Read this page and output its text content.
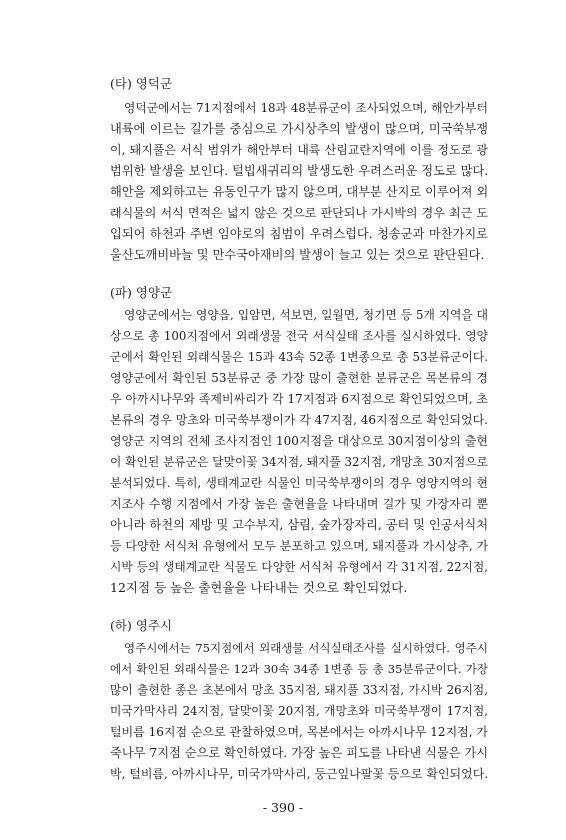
(타) 영덕군
영덕군에서는 71지점에서 18과 48분류군이 조사되었으며, 해안가부터
내륙에 이르는 길가를 중심으로 가시상추의 발생이 많으며, 미국쑥부쟁
이, 돼지풀은 서식 범위가 해안부터 내륙 산림교란지역에 이를 정도로 광
범위한 발생을 보인다. 털빕새귀리의 발생도한 우려스러운 정도로 많다.
해안을 제외하고는 유동인구가 많지 않으며, 대부분 산지로 이루어져 외
래식물의 서식 면적은 넓지 않은 것으로 판단되나 가시박의 경우 최근 도
입되어 하천과 주변 임야로의 침범이 우려스럽다. 청송군과 마찬가지로
울산도깨비바늘 및 만수국아재비의 발생이 늘고 있는 것으로 판단된다.
(파) 영양군
영양군에서는 영양읍, 입암면, 석보면, 일월면, 청기면 등 5개 지역을 대
상으로 총 100지점에서 외래생물 전국 서식실태 조사를 실시하였다. 영양
군에서 확인된 외래식물은 15과 43속 52종 1변종으로 총 53분류군이다.
영양군에서 확인된 53분류군 중 가장 많이 출현한 분류군은 목본류의 경
우 아까시나무와 족제비싸리가 각 17지점과 6지점으로 확인되었으며, 초
본류의 경우 망초와 미국쑥부쟁이가 각 47지점, 46지점으로 확인되었다.
영양군 지역의 전체 조사지점인 100지점을 대상으로 30지점이상의 출현
이 확인된 분류군은 달맞이꽃 34지점, 돼지풀 32지점, 개망초 30지점으로
분석되었다. 특히, 생태계교란 식물인 미국쑥부쟁이의 경우 영양지역의 현
지조사 수행 지점에서 가장 높은 출현율을 나타내며 길가 및 가장자리 뿐
아니라 하천의 제방 및 고수부지, 삼림, 숲가장자리, 공터 및 인공서식처
등 다양한 서식처 유형에서 모두 분포하고 있으며, 돼지풀과 가시상추, 가
시박 등의 생태계교란 식물도 다양한 서식처 유형에서 각 31지점, 22지점,
12지점 등 높은 출현율을 나타내는 것으로 확인되었다.
(하) 영주시
영주시에서는 75지점에서 외래생물 서식실태조사를 실시하였다. 영주시
에서 확인된 외래식물은 12과 30속 34종 1변종 등 총 35분류군이다. 가장
많이 출현한 종은 초본에서 망초 35지점, 돼지풀 33지점, 가시박 26지점,
미국가막사리 24지점, 달맞이꽃 20지점, 개망초와 미국쑥부쟁이 17지점,
털비름 16지점 순으로 관찰하였으며, 목본에서는 아까시나무 12지점, 가
죽나무 7지점 순으로 확인하였다. 가장 높은 피도를 나타낸 식물은 가시
박, 털비름, 아까시나무, 미국가막사리, 둥근잎나팔꽃 등으로 확인되었다.
- 390 -
